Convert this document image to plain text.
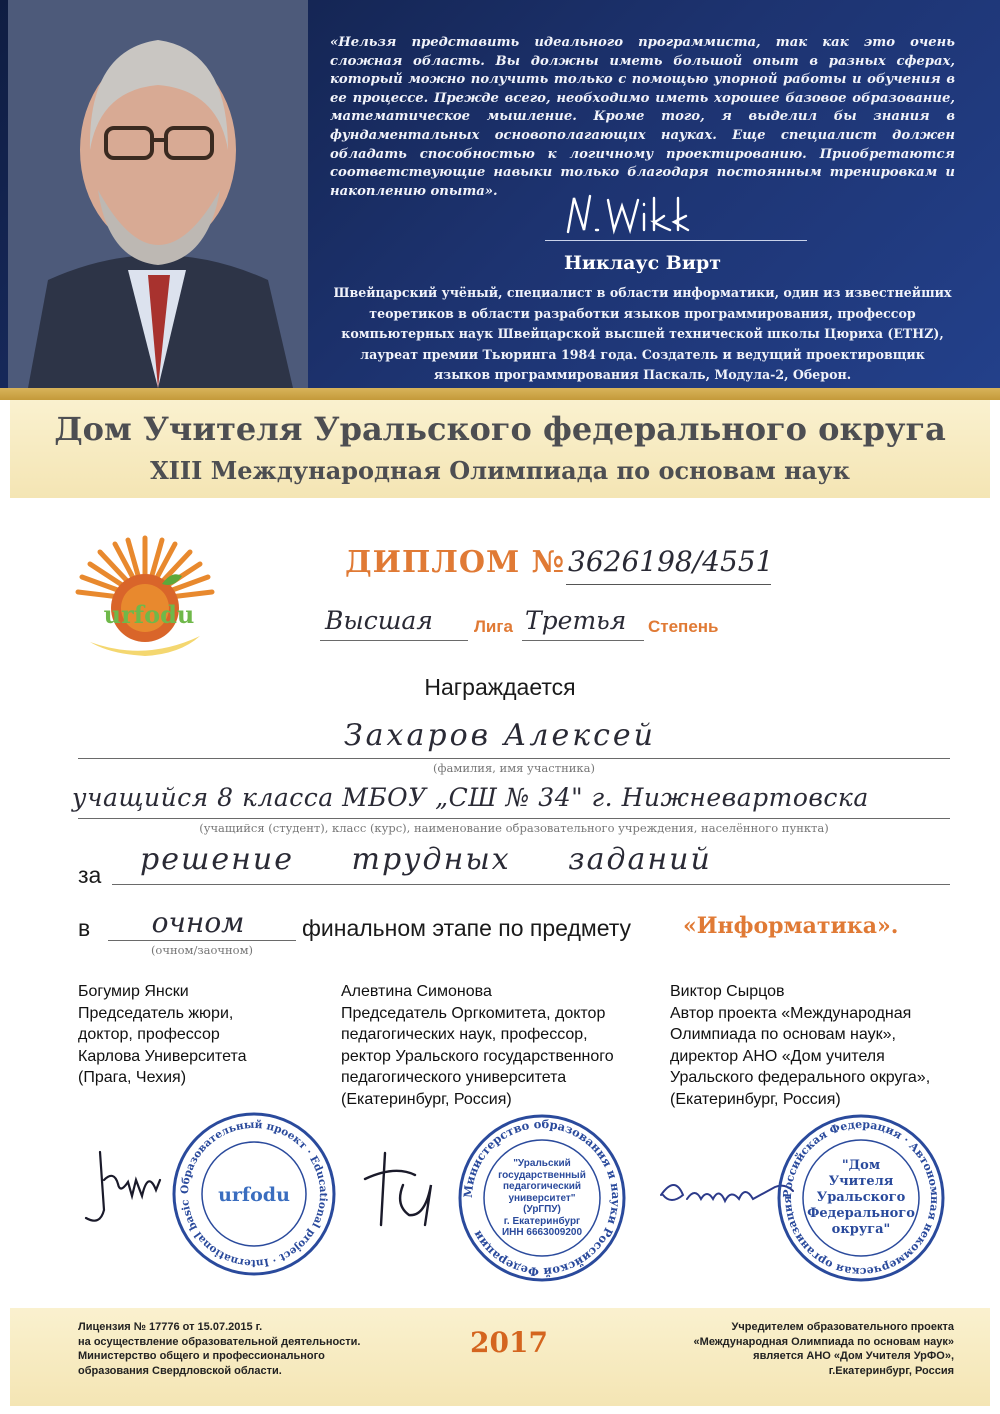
«Нельзя представить идеального программиста, так как это очень сложная область. Вы должны иметь большой опыт в разных сферах, который можно получить только с помощью упорной работы и обучения в ее процессе. Прежде всего, необходимо иметь хорошее базовое образование, математическое мышление. Кроме того, я выделил бы знания в фундаментальных основополагающих науках. Еще специалист должен обладать способностью к логичному проектированию. Приобретаются соответствующие навыки только благодаря постоянным тренировкам и накоплению опыта».
Никлаус Вирт
Швейцарский учёный, специалист в области информатики, один из известнейших теоретиков в области разработки языков программирования, профессор компьютерных наук Швейцарской высшей технической школы Цюриха (ETHZ), лауреат премии Тьюринга 1984 года. Создатель и ведущий проектировщик языков программирования Паскаль, Модула-2, Оберон.
Дом Учителя Уральского федерального округа
XIII Международная Олимпиада по основам наук
urfodu
ДИПЛОМ № 3626198/4551
Высшая Лига Третья Степень
Награждается
Захаров Алексей
(фамилия, имя участника)
учащийся 8 класса МБОУ „СШ № 34" г. Нижневартовска
(учащийся (студент), класс (курс), наименование образовательного учреждения, населённого пункта)
за решение трудных заданий
в	очном
(очном/заочном)
финальном этапе по предмету «Информатика».
Богумир Янски
Председатель жюри,
доктор, профессор
Карлова Университета
(Прага, Чехия)
Алевтина Симонова
Председатель Оргкомитета, доктор
педагогических наук, профессор,
ректор Уральского государственного
педагогического университета
(Екатеринбург, Россия)
Виктор Сырцов
Автор проекта «Международная
Олимпиада по основам наук»,
директор АНО «Дом учителя
Уральского федерального округа»,
(Екатеринбург, Россия)
Образовательный проект · Educational project · International basic	urfodu	Министерство образования и науки Российской Федерации
"Уральский
государственный
педагогический
университет"
(УрГПУ)
г. Екатеринбург
ИНН 6663009200
Российская Федерация · Автономная некоммерческая организация
"Дом
Учителя
Уральского
Федерального
округа"
Лицензия № 17776 от 15.07.2015 г.
на осуществление образовательной деятельности.
Министерство общего и профессионального
образования Свердловской области.
2017	Учредителем образовательного проекта
«Международная Олимпиада по основам наук»
является АНО «Дом Учителя УрФО»,
г.Екатеринбург, Россия
